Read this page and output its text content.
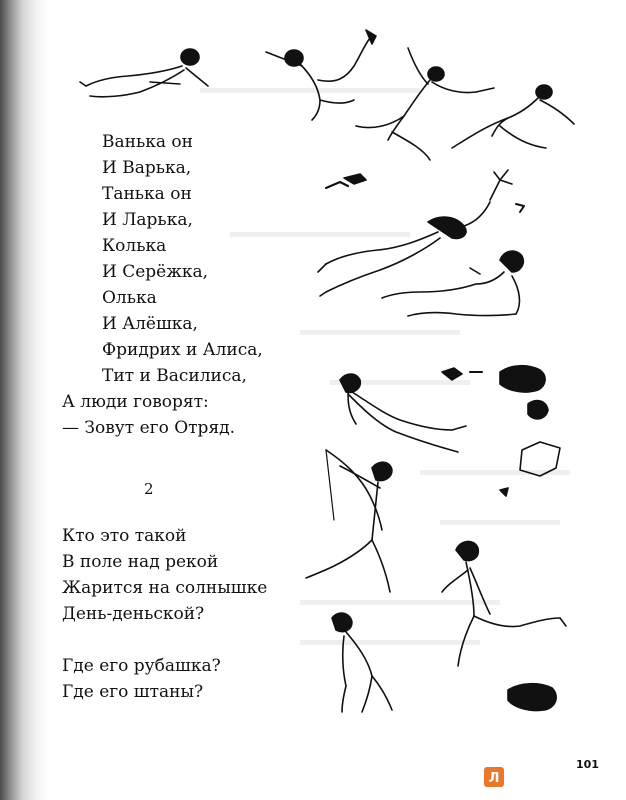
Ванька он
И Варька,
Танька он
И Ларька,
Колька
И Серёжка,
Олька
И Алёшка,
Фридрих и Алиса,
Тит и Василиса,
А люди говорят:
— Зовут его Отряд.
2
Кто это такой
В поле над рекой
Жарится на солнышке
День-деньской?
Где его рубашка?
Где его штаны?
101
Л
